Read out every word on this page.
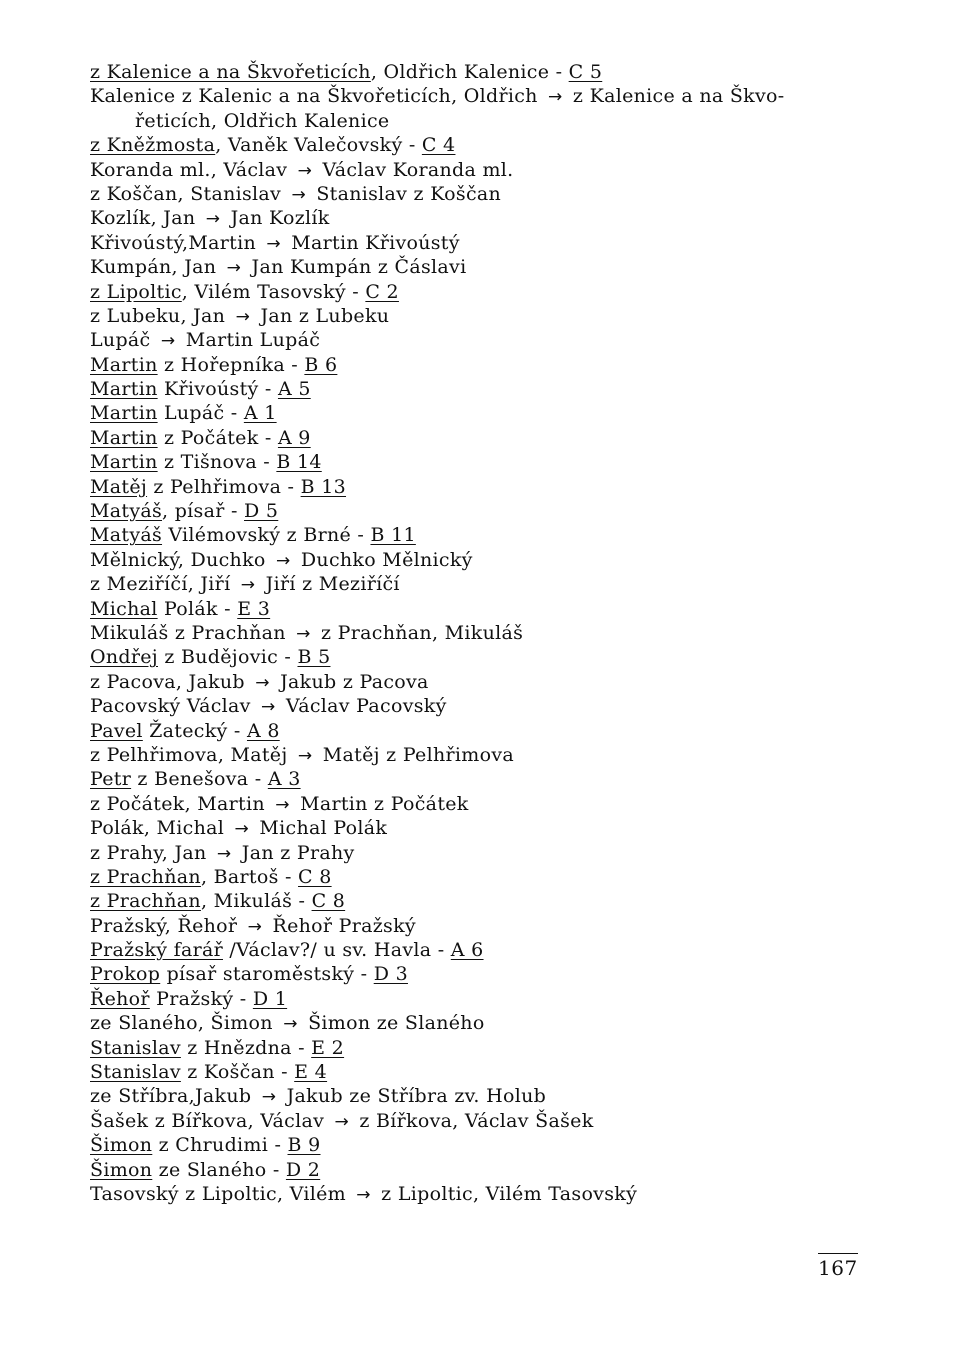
z Kalenice a na Škvořeticích, Oldřich Kalenice - C 5
Kalenice z Kalenic a na Škvořeticích, Oldřich → z Kalenice a na Škvo-
řeticích, Oldřich Kalenice
z Kněžmosta, Vaněk Valečovský - C 4
Koranda ml., Václav → Václav Koranda ml.
z Koščan, Stanislav → Stanislav z Koščan
Kozlík, Jan → Jan Kozlík
Křivoústý,Martin → Martin Křivoústý
Kumpán, Jan → Jan Kumpán z Čáslavi
z Lipoltic, Vilém Tasovský - C 2
z Lubeku, Jan → Jan z Lubeku
Lupáč → Martin Lupáč
Martin z Hořepníka - B 6
Martin Křivoústý - A 5
Martin Lupáč - A 1
Martin z Počátek - A 9
Martin z Tišnova - B 14
Matěj z Pelhřimova - B 13
Matyáš, písař - D 5
Matyáš Vilémovský z Brné - B 11
Mělnický, Duchko → Duchko Mělnický
z Meziříčí, Jiří → Jiří z Meziříčí
Michal Polák - E 3
Mikuláš z Prachňan → z Prachňan, Mikuláš
Ondřej z Budějovic - B 5
z Pacova, Jakub → Jakub z Pacova
Pacovský Václav → Václav Pacovský
Pavel Žatecký - A 8
z Pelhřimova, Matěj → Matěj z Pelhřimova
Petr z Benešova - A 3
z Počátek, Martin → Martin z Počátek
Polák, Michal → Michal Polák
z Prahy, Jan → Jan z Prahy
z Prachňan, Bartoš - C 8
z Prachňan, Mikuláš - C 8
Pražský, Řehoř → Řehoř Pražský
Pražský farář /Václav?/ u sv. Havla - A 6
Prokop písař staroměstský - D 3
Řehoř Pražský - D 1
ze Slaného, Šimon → Šimon ze Slaného
Stanislav z Hnězdna - E 2
Stanislav z Koščan - E 4
ze Stříbra,Jakub → Jakub ze Stříbra zv. Holub
Šašek z Bířkova, Václav → z Bířkova, Václav Šašek
Šimon z Chrudimi - B 9
Šimon ze Slaného - D 2
Tasovský z Lipoltic, Vilém → z Lipoltic, Vilém Tasovský
167
